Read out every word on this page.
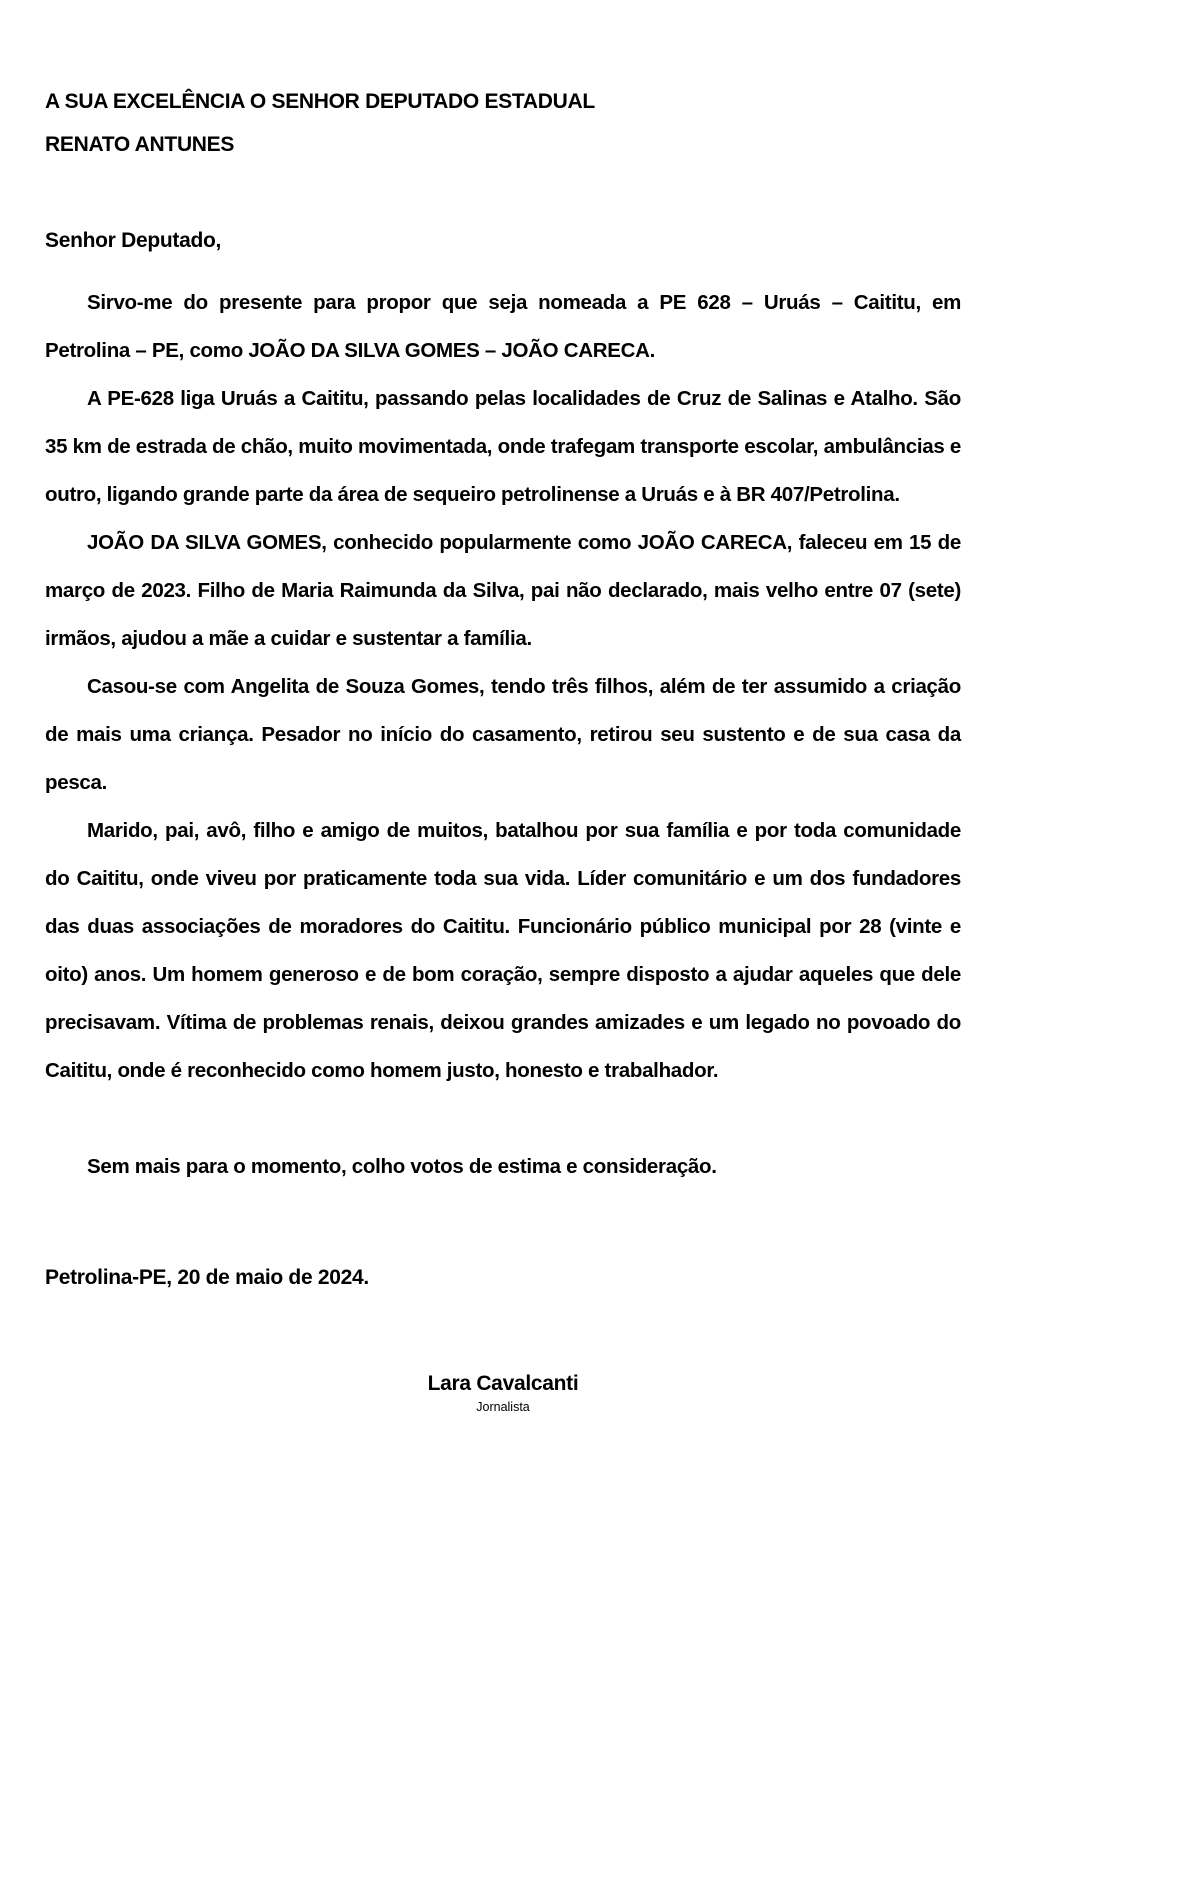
A SUA EXCELÊNCIA O SENHOR DEPUTADO ESTADUAL
RENATO ANTUNES
Senhor Deputado,

Sirvo-me do presente para propor que seja nomeada a PE 628 – Uruás – Caititu, em Petrolina – PE, como JOÃO DA SILVA GOMES – JOÃO CARECA.

A PE-628 liga Uruás a Caititu, passando pelas localidades de Cruz de Salinas e Atalho. São 35 km de estrada de chão, muito movimentada, onde trafegam transporte escolar, ambulâncias e outro, ligando grande parte da área de sequeiro petrolinense a Uruás e à BR 407/Petrolina.

JOÃO DA SILVA GOMES, conhecido popularmente como JOÃO CARECA, faleceu em 15 de março de 2023. Filho de Maria Raimunda da Silva, pai não declarado, mais velho entre 07 (sete) irmãos, ajudou a mãe a cuidar e sustentar a família.

Casou-se com Angelita de Souza Gomes, tendo três filhos, além de ter assumido a criação de mais uma criança. Pesador no início do casamento, retirou seu sustento e de sua casa da pesca.

Marido, pai, avô, filho e amigo de muitos, batalhou por sua família e por toda comunidade do Caititu, onde viveu por praticamente toda sua vida. Líder comunitário e um dos fundadores das duas associações de moradores do Caititu. Funcionário público municipal por 28 (vinte e oito) anos. Um homem generoso e de bom coração, sempre disposto a ajudar aqueles que dele precisavam. Vítima de problemas renais, deixou grandes amizades e um legado no povoado do Caititu, onde é reconhecido como homem justo, honesto e trabalhador.

Sem mais para o momento, colho votos de estima e consideração.

Petrolina-PE, 20 de maio de 2024.
Lara Cavalcanti
Jornalista
